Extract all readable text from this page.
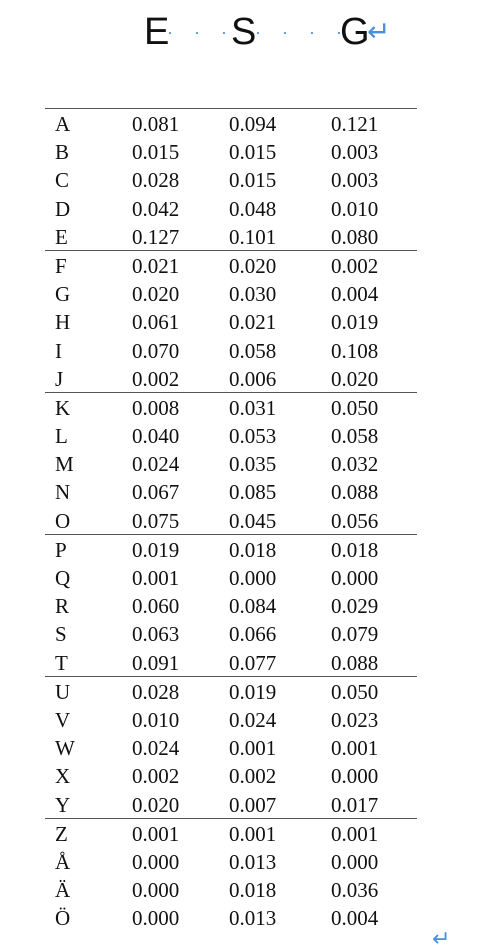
E
· · ·
S
· · · ·
G
↵
A	0.081 0.094	0.121
B	0.015 0.015	0.003
C	0.028 0.015	0.003
D	0.042 0.048	0.010
E	0.127 0.101	0.080
F	0.021 0.020	0.002
G	0.020 0.030	0.004
H	0.061 0.021	0.019
I	0.070 0.058	0.108
J	0.002 0.006	0.020
K	0.008 0.031	0.050
L	0.040 0.053	0.058
M	0.024 0.035	0.032
N	0.067 0.085	0.088
O	0.075 0.045	0.056
P	0.019 0.018	0.018
Q	0.001 0.000	0.000
R	0.060 0.084	0.029
S	0.063 0.066	0.079
T	0.091 0.077	0.088
U	0.028 0.019	0.050
V	0.010 0.024	0.023
W	0.024 0.001	0.001
X	0.002 0.002	0.000
Y	0.020 0.007	0.017
Z	0.001 0.001	0.001
Å	0.000 0.013	0.000
Ä	0.000 0.018	0.036
Ö	0.000 0.013	0.004
↵
